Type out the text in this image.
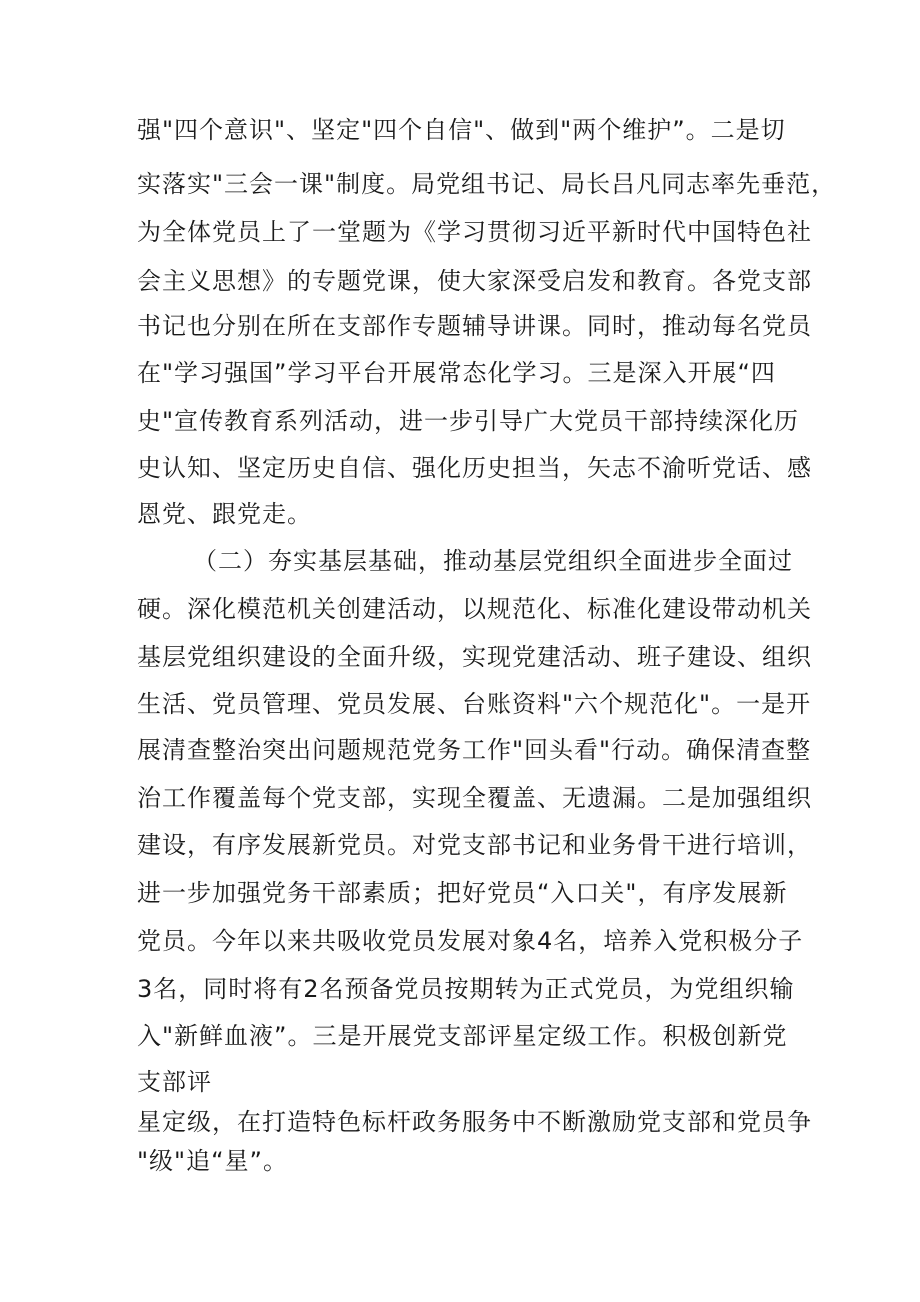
强"四个意识"、坚定"四个自信"、做到"两个维护”。二是切
实落实"三会一课"制度。局党组书记、局长吕凡同志率先垂范，
为全体党员上了一堂题为《学习贯彻习近平新时代中国特色社
会主义思想》的专题党课，使大家深受启发和教育。各党支部
书记也分别在所在支部作专题辅导讲课。同时，推动每名党员
在"学习强国”学习平台开展常态化学习。三是深入开展“四
史"宣传教育系列活动，进一步引导广大党员干部持续深化历
史认知、坚定历史自信、强化历史担当，矢志不渝听党话、感
恩党、跟党走。
（二）夯实基层基础，推动基层党组织全面进步全面过
硬。深化模范机关创建活动，以规范化、标准化建设带动机关
基层党组织建设的全面升级，实现党建活动、班子建设、组织
生活、党员管理、党员发展、台账资料"六个规范化"。一是开
展清查整治突出问题规范党务工作"回头看"行动。确保清查整
治工作覆盖每个党支部，实现全覆盖、无遗漏。二是加强组织
建设，有序发展新党员。对党支部书记和业务骨干进行培训，
进一步加强党务干部素质；把好党员“入口关"，有序发展新
党员。今年以来共吸收党员发展对象4名，培养入党积极分子
3名，同时将有2名预备党员按期转为正式党员，为党组织输
入"新鲜血液”。三是开展党支部评星定级工作。积极创新党
支部评
星定级，在打造特色标杆政务服务中不断激励党支部和党员争
"级"追“星”。
